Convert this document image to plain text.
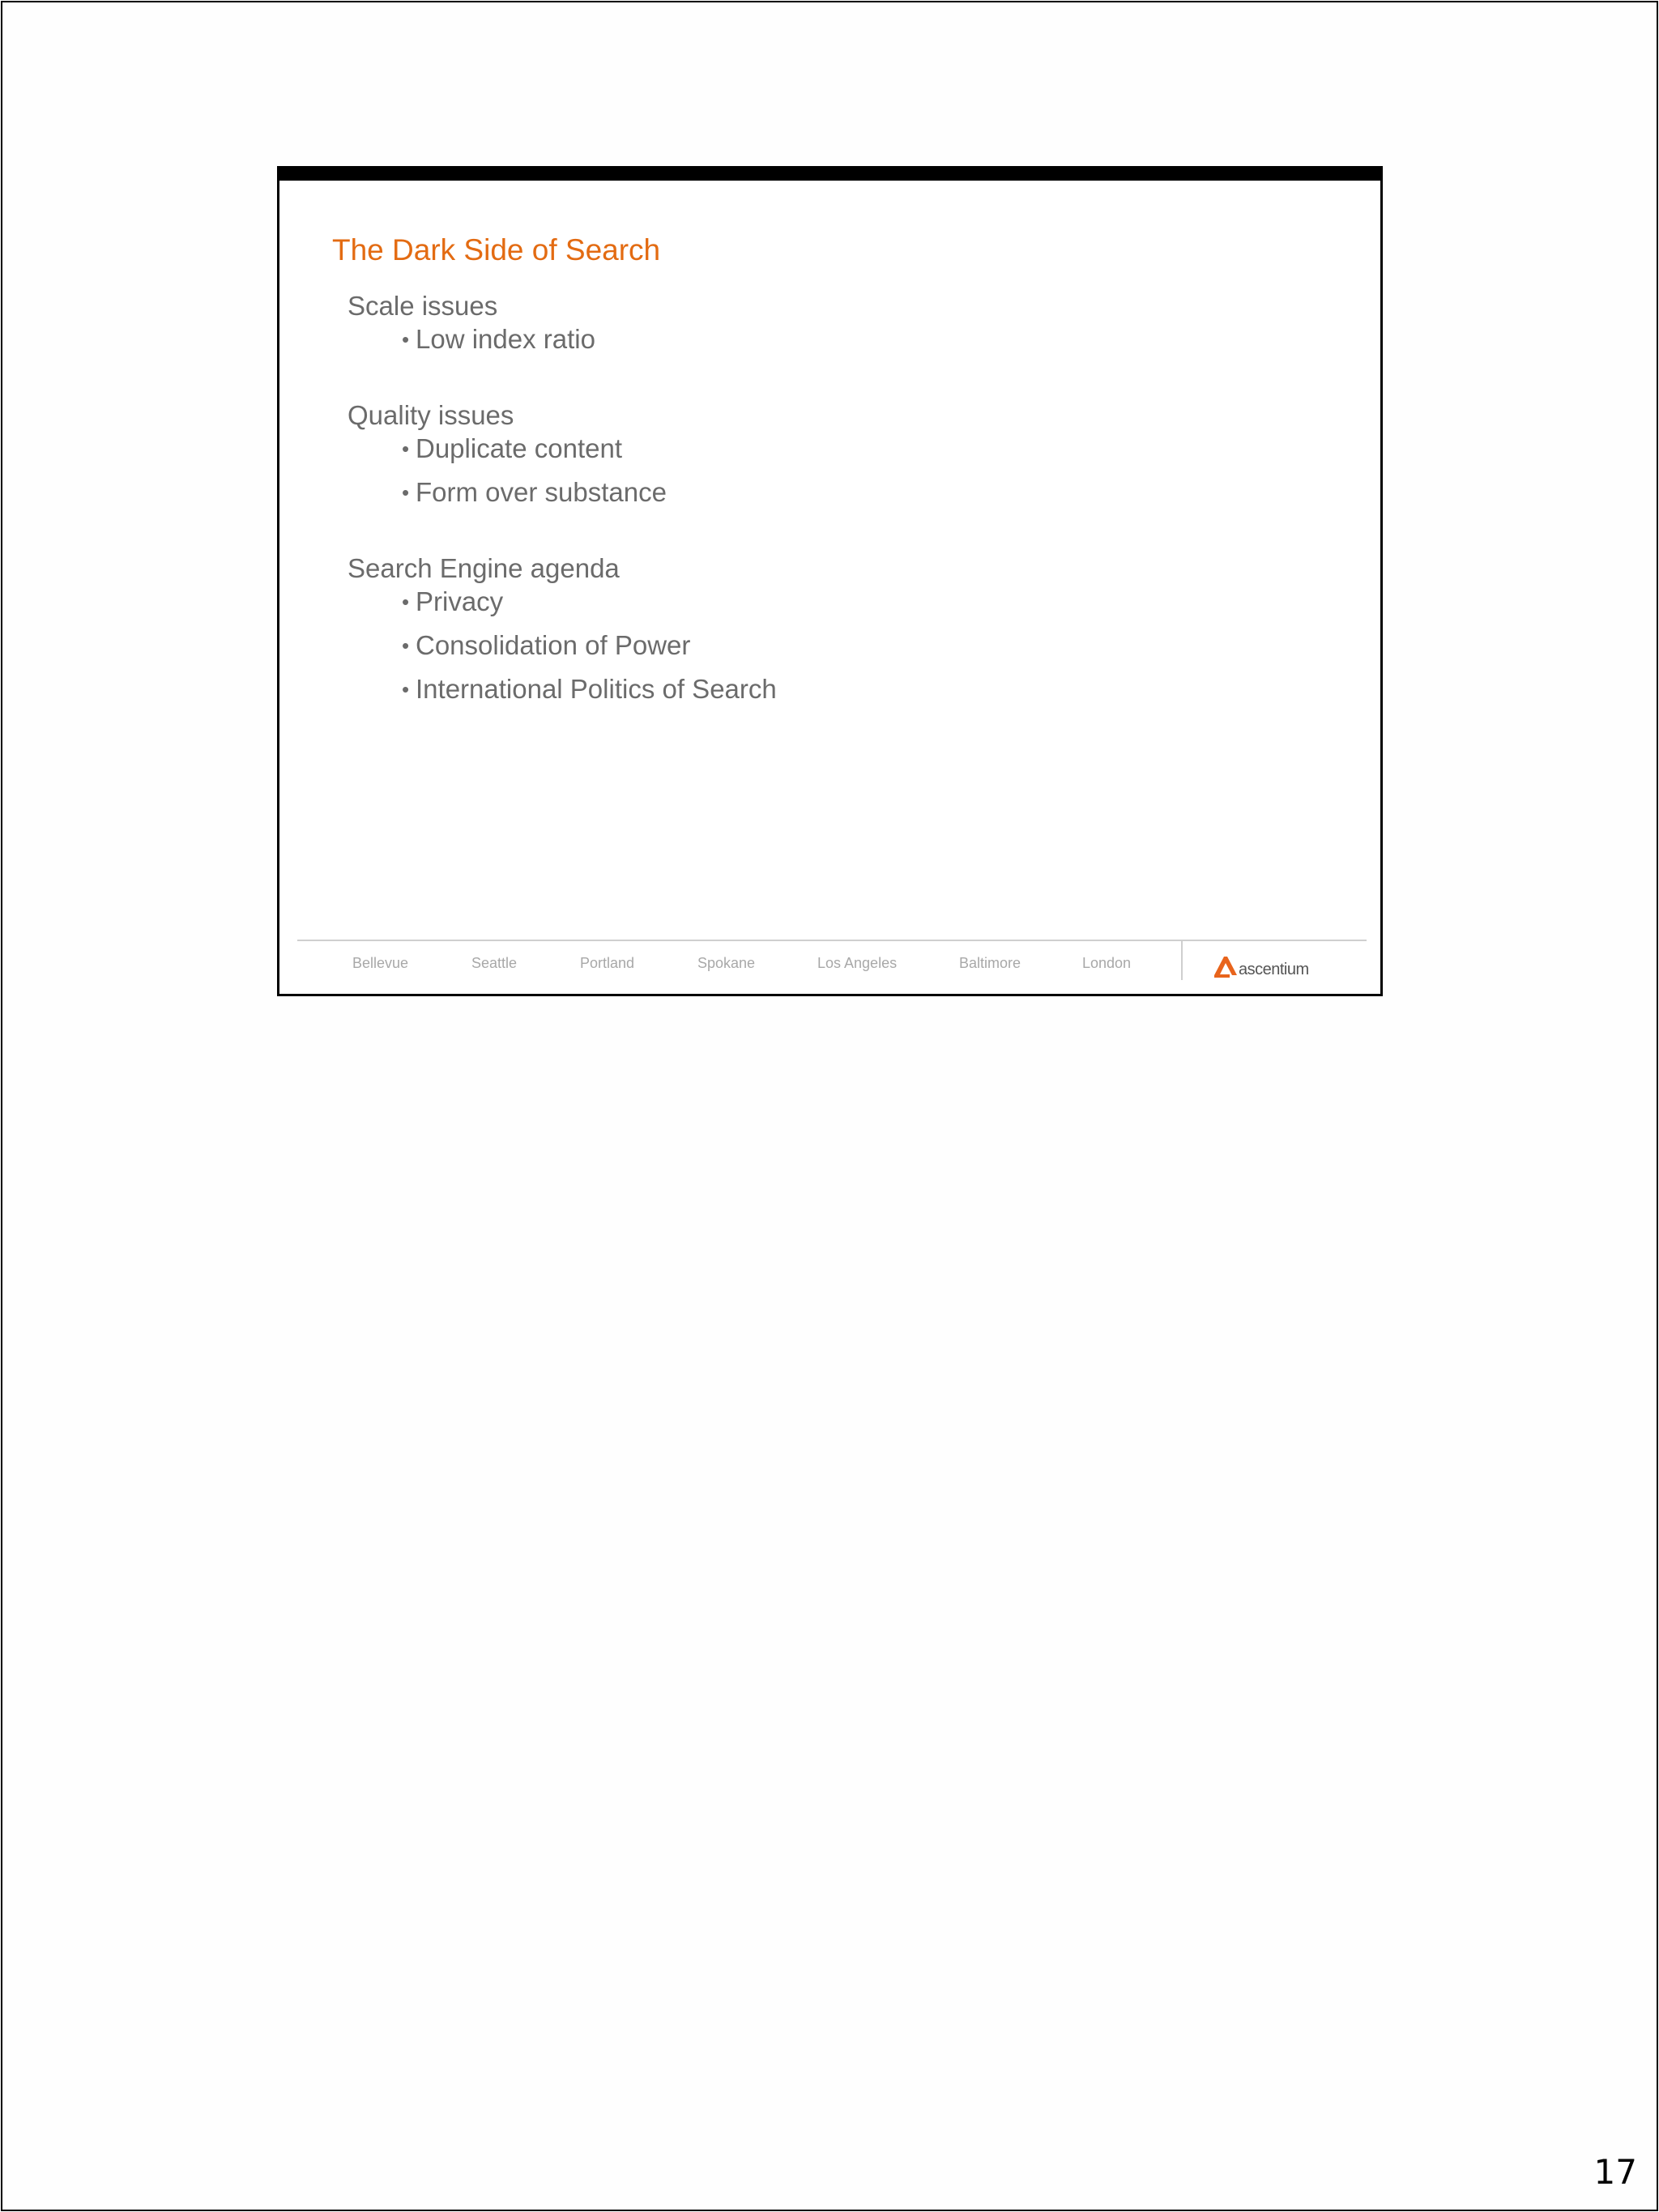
The Dark Side of Search
Scale issues
• Low index ratio
Quality issues
• Duplicate content
• Form over substance
Search Engine agenda
• Privacy
• Consolidation of Power
• International Politics of Search
Bellevue	Seattle	Portland	Spokane	Los Angeles	Baltimore	London	ascentium
17
